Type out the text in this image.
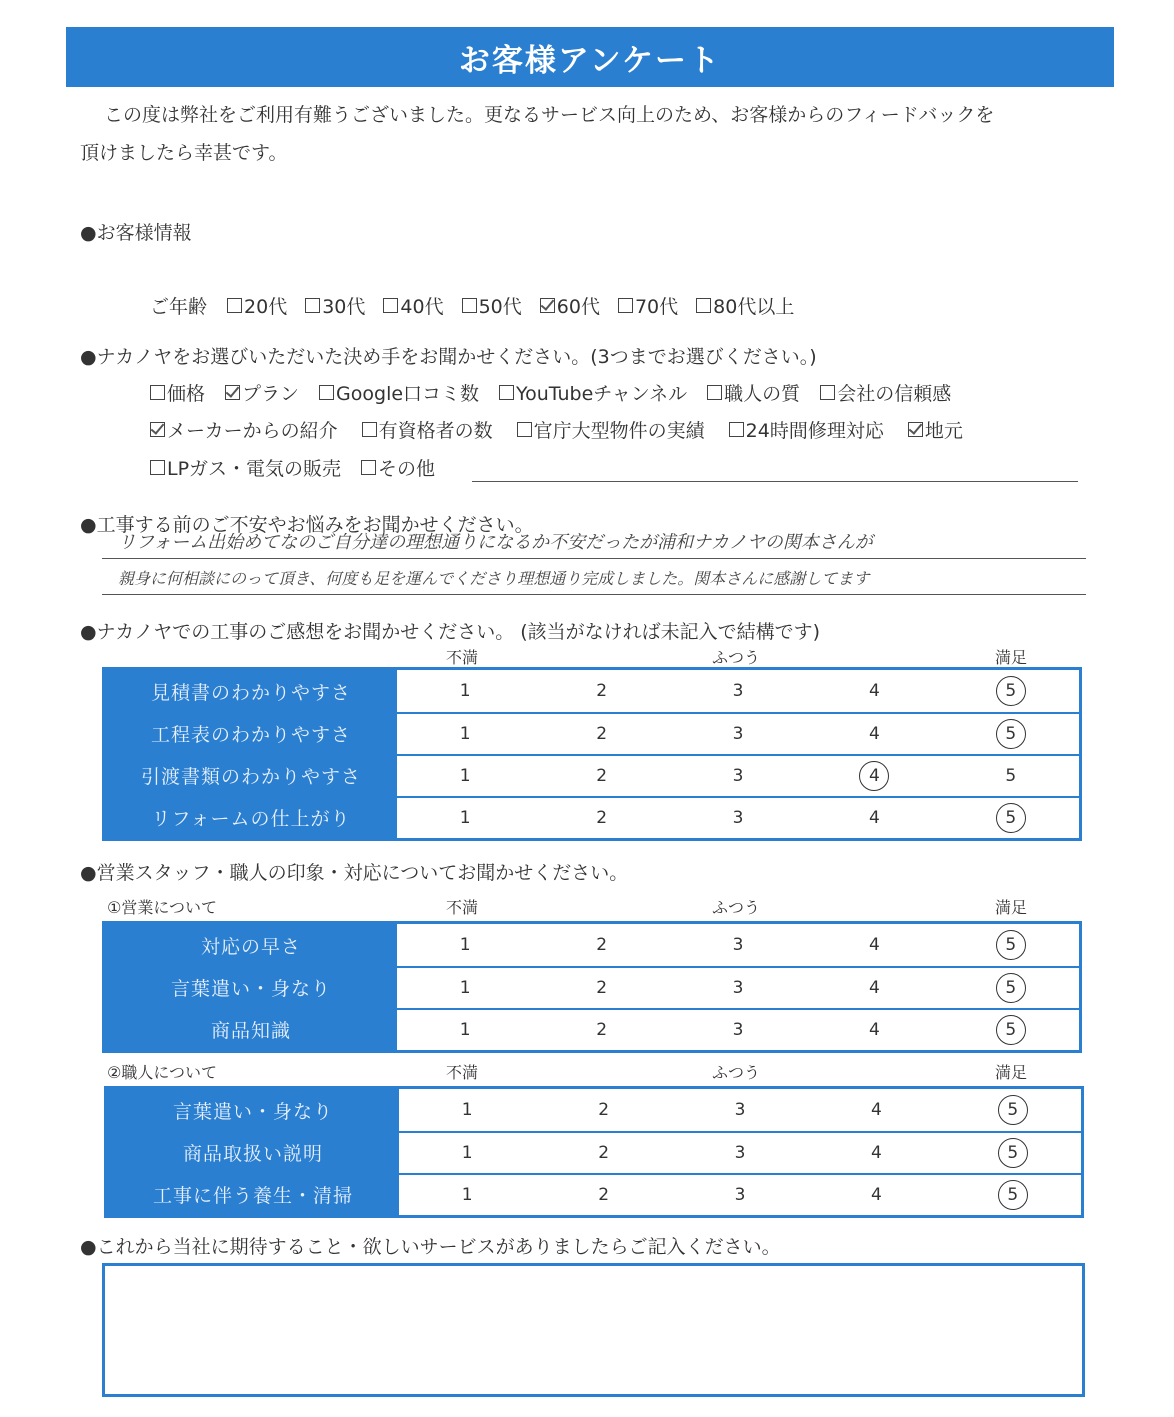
お客様アンケート
この度は弊社をご利用有難うございました。更なるサービス向上のため、お客様からのフィードバックを
頂けましたら幸甚です。
●お客様情報
ご年齢 20代 30代 40代 50代 60代 70代 80代以上
●ナカノヤをお選びいただいた決め手をお聞かせください。(3つまでお選びください。)
価格 プラン Google口コミ数 YouTubeチャンネル 職人の質 会社の信頼感
メーカーからの紹介 有資格者の数 官庁大型物件の実績 24時間修理対応 地元
LPガス・電気の販売 その他
●工事する前のご不安やお悩みをお聞かせください。
リフォーム出始めてなのご自分達の理想通りになるか不安だったが浦和ナカノヤの関本さんが
親身に何相談にのって頂き、何度も足を運んでくださり理想通り完成しました。関本さんに感謝してます
●ナカノヤでの工事のご感想をお聞かせください。 (該当がなければ未記入で結構です)
不満	ふつう	満足
見積書のわかりやすさ	1	2	3	4	5
工程表のわかりやすさ	1	2	3	4	5
引渡書類のわかりやすさ	1	2	3	4	5
リフォームの仕上がり	1	2	3	4	5
●営業スタッフ・職人の印象・対応についてお聞かせください。
①営業について	不満	ふつう	満足
対応の早さ	1	2	3	4	5
言葉遣い・身なり	1	2	3	4	5
商品知識	1	2	3	4	5
②職人について	不満	ふつう	満足
言葉遣い・身なり	1	2	3	4	5
商品取扱い説明	1	2	3	4	5
工事に伴う養生・清掃	1	2	3	4	5
●これから当社に期待すること・欲しいサービスがありましたらご記入ください。
